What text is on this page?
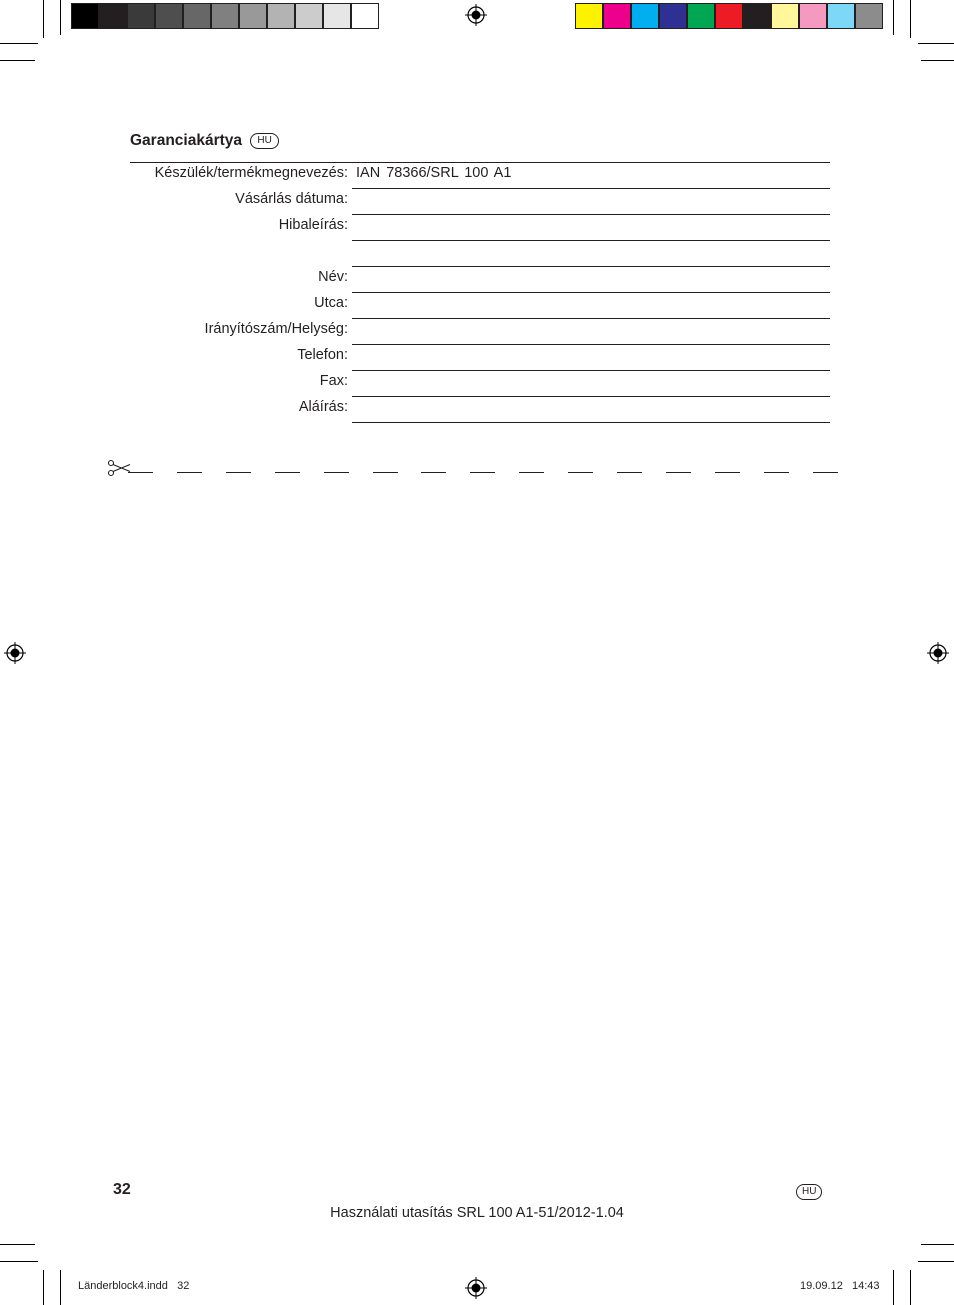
Garanciakártya HU
Készülék/termékmegnevezés: IAN 78366/SRL 100 A1
Vásárlás dátuma:
Hibaleírás:
Név:
Utca:
Irányítószám/Helység:
Telefon:
Fax:
Aláírás:
32	HU
Használati utasítás SRL 100 A1-51/2012-1.04
Länderblock4.indd   32	19.09.12   14:43
